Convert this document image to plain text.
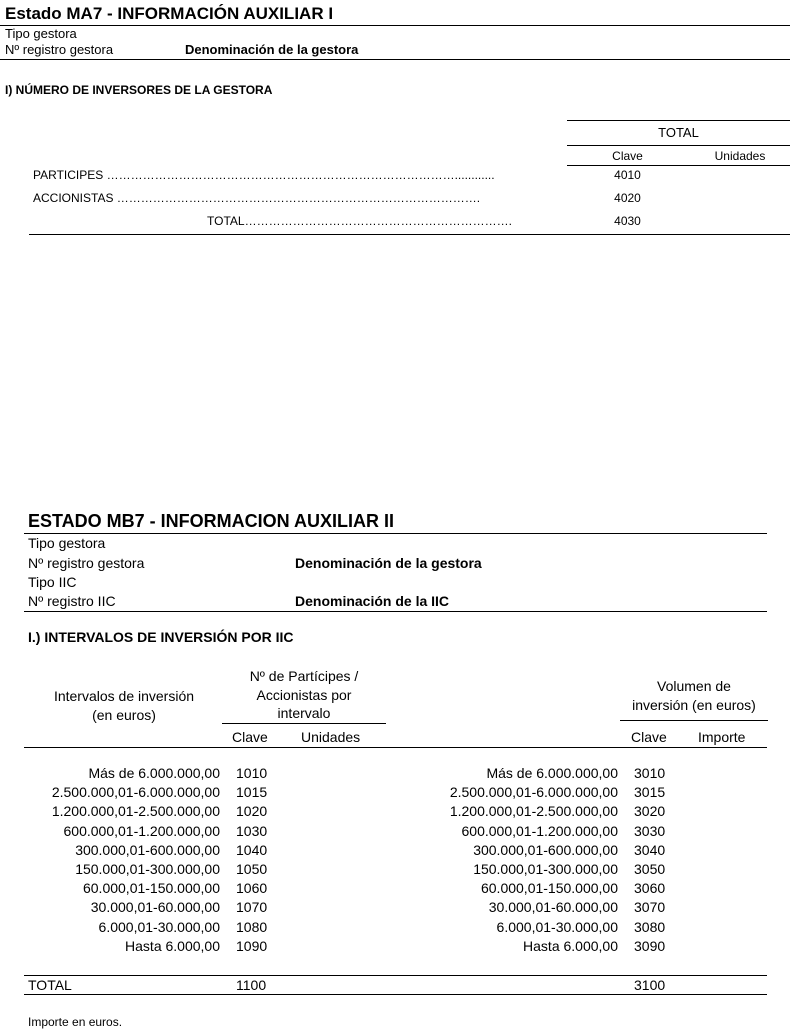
Estado MA7 - INFORMACIÓN AUXILIAR I
Tipo gestora
Nº registro gestora	Denominación de la gestora
I) NÚMERO DE INVERSORES DE LA GESTORA
TOTAL
Clave	Unidades
PARTICIPES ……………………………………………………………………………............	4010
ACCIONISTAS ……………………………………………………………………………….	4020
TOTAL………………………………………………………….	4030
ESTADO MB7 - INFORMACION AUXILIAR II
Tipo gestora
Nº registro gestora	Denominación de la gestora
Tipo IIC
Nº registro IIC	Denominación de la IIC
I.) INTERVALOS DE INVERSIÓN POR IIC
Intervalos de inversión
(en euros)
Nº de Partícipes /
Accionistas por
intervalo
Volumen de
inversión (en euros)
Clave Unidades	Clave Importe
Más de 6.000.000,00 1010	Más de 6.000.000,00 3010
2.500.000,01-6.000.000,00 1015	2.500.000,01-6.000.000,00 3015
1.200.000,01-2.500.000,00 1020	1.200.000,01-2.500.000,00 3020
600.000,01-1.200.000,00 1030	600.000,01-1.200.000,00 3030
300.000,01-600.000,00 1040	300.000,01-600.000,00 3040
150.000,01-300.000,00 1050	150.000,01-300.000,00 3050
60.000,01-150.000,00 1060	60.000,01-150.000,00 3060
30.000,01-60.000,00 1070	30.000,01-60.000,00 3070
6.000,01-30.000,00 1080	6.000,01-30.000,00 3080
Hasta 6.000,00 1090	Hasta 6.000,00 3090
TOTAL	1100	3100
Importe en euros.
